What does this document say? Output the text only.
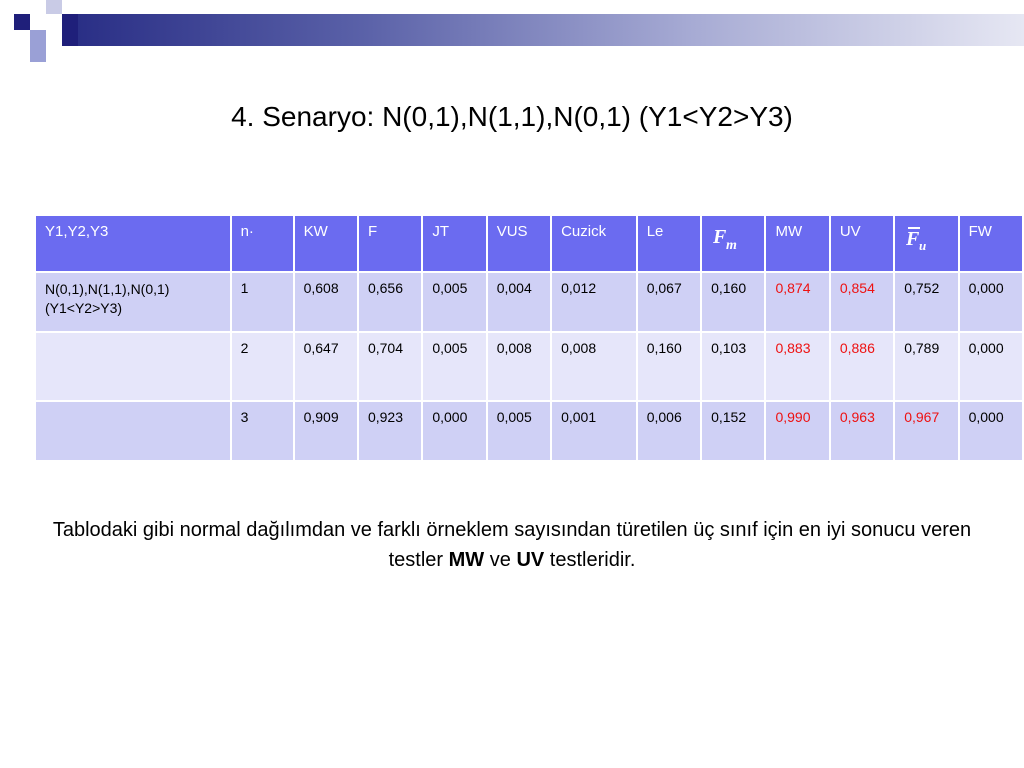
4. Senaryo: N(0,1),N(1,1),N(0,1) (Y1<Y2>Y3)
Y1,Y2,Y3	n·	KW	F	JT	VUS	Cuzick	Le	F m	MW	UV	F u	FW
N(0,1),N(1,1),N(0,1)
(Y1<Y2>Y3)	1	0,608	0,656	0,005	0,004	0,012	0,067	0,160	0,874	0,854	0,752	0,000
	2	0,647	0,704	0,005	0,008	0,008	0,160	0,103	0,883	0,886	0,789	0,000
	3	0,909	0,923	0,000	0,005	0,001	0,006	0,152	0,990	0,963	0,967	0,000
Tablodaki gibi normal dağılımdan ve farklı örneklem sayısından türetilen üç sınıf için en iyi sonucu veren testler MW ve UV testleridir.
